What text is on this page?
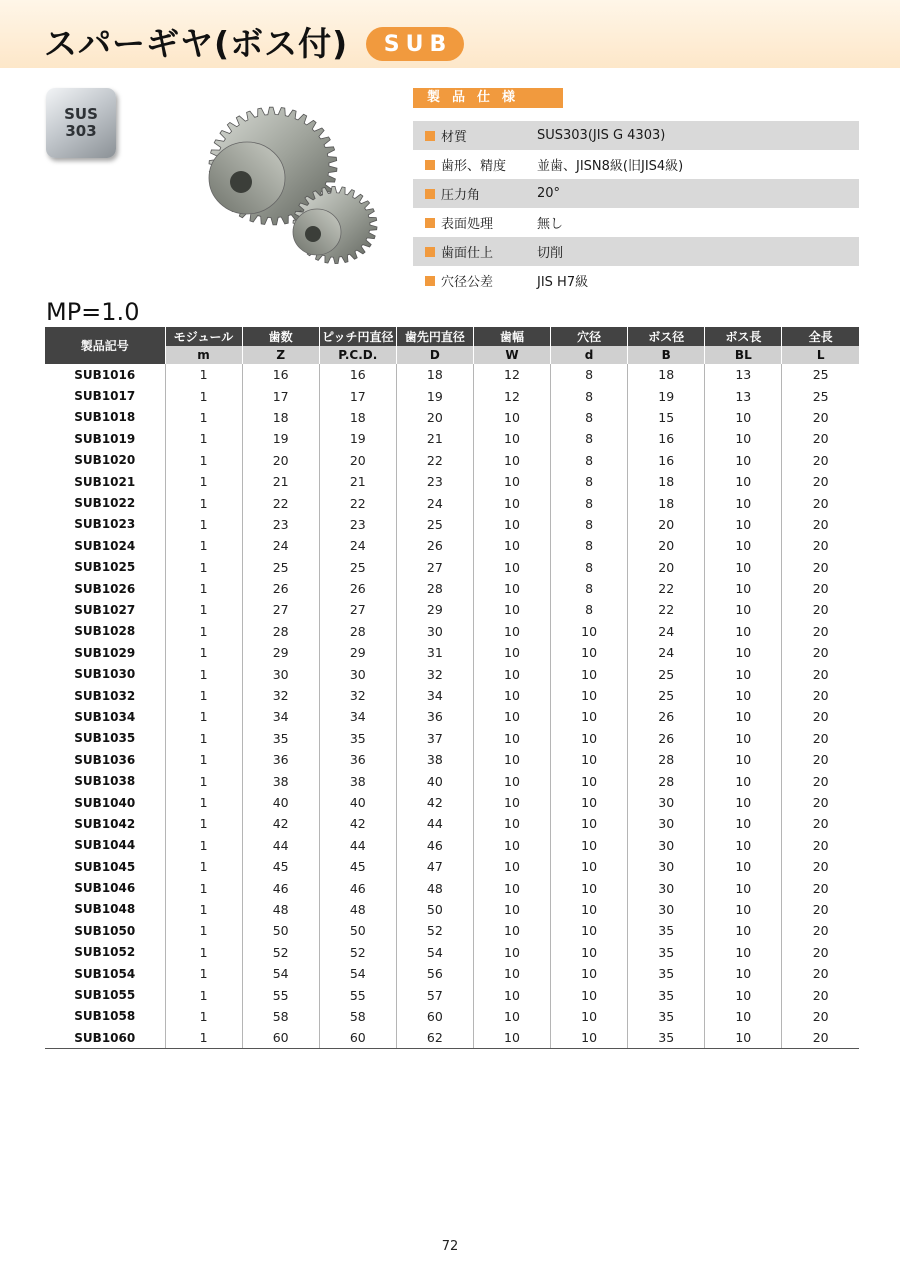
スパーギヤ(ボス付)	SUB
SUS
303
製品仕様
材質	SUS303(JIS G 4303)
歯形、精度	並歯、JISN8級(旧JIS4級)
圧力角	20°
表面処理	無し
歯面仕上	切削
穴径公差	JIS H7級
MP=1.0
製品記号	モジュール	歯数	ピッチ円直径	歯先円直径	歯幅	穴径	ボス径	ボス長	全長
	m	Z	P.C.D.	D	W	d	B	BL	L
SUB1016	1	16	16	18	12	8	18	13	25
SUB1017	1	17	17	19	12	8	19	13	25
SUB1018	1	18	18	20	10	8	15	10	20
SUB1019	1	19	19	21	10	8	16	10	20
SUB1020	1	20	20	22	10	8	16	10	20
SUB1021	1	21	21	23	10	8	18	10	20
SUB1022	1	22	22	24	10	8	18	10	20
SUB1023	1	23	23	25	10	8	20	10	20
SUB1024	1	24	24	26	10	8	20	10	20
SUB1025	1	25	25	27	10	8	20	10	20
SUB1026	1	26	26	28	10	8	22	10	20
SUB1027	1	27	27	29	10	8	22	10	20
SUB1028	1	28	28	30	10	10	24	10	20
SUB1029	1	29	29	31	10	10	24	10	20
SUB1030	1	30	30	32	10	10	25	10	20
SUB1032	1	32	32	34	10	10	25	10	20
SUB1034	1	34	34	36	10	10	26	10	20
SUB1035	1	35	35	37	10	10	26	10	20
SUB1036	1	36	36	38	10	10	28	10	20
SUB1038	1	38	38	40	10	10	28	10	20
SUB1040	1	40	40	42	10	10	30	10	20
SUB1042	1	42	42	44	10	10	30	10	20
SUB1044	1	44	44	46	10	10	30	10	20
SUB1045	1	45	45	47	10	10	30	10	20
SUB1046	1	46	46	48	10	10	30	10	20
SUB1048	1	48	48	50	10	10	30	10	20
SUB1050	1	50	50	52	10	10	35	10	20
SUB1052	1	52	52	54	10	10	35	10	20
SUB1054	1	54	54	56	10	10	35	10	20
SUB1055	1	55	55	57	10	10	35	10	20
SUB1058	1	58	58	60	10	10	35	10	20
SUB1060	1	60	60	62	10	10	35	10	20
72
